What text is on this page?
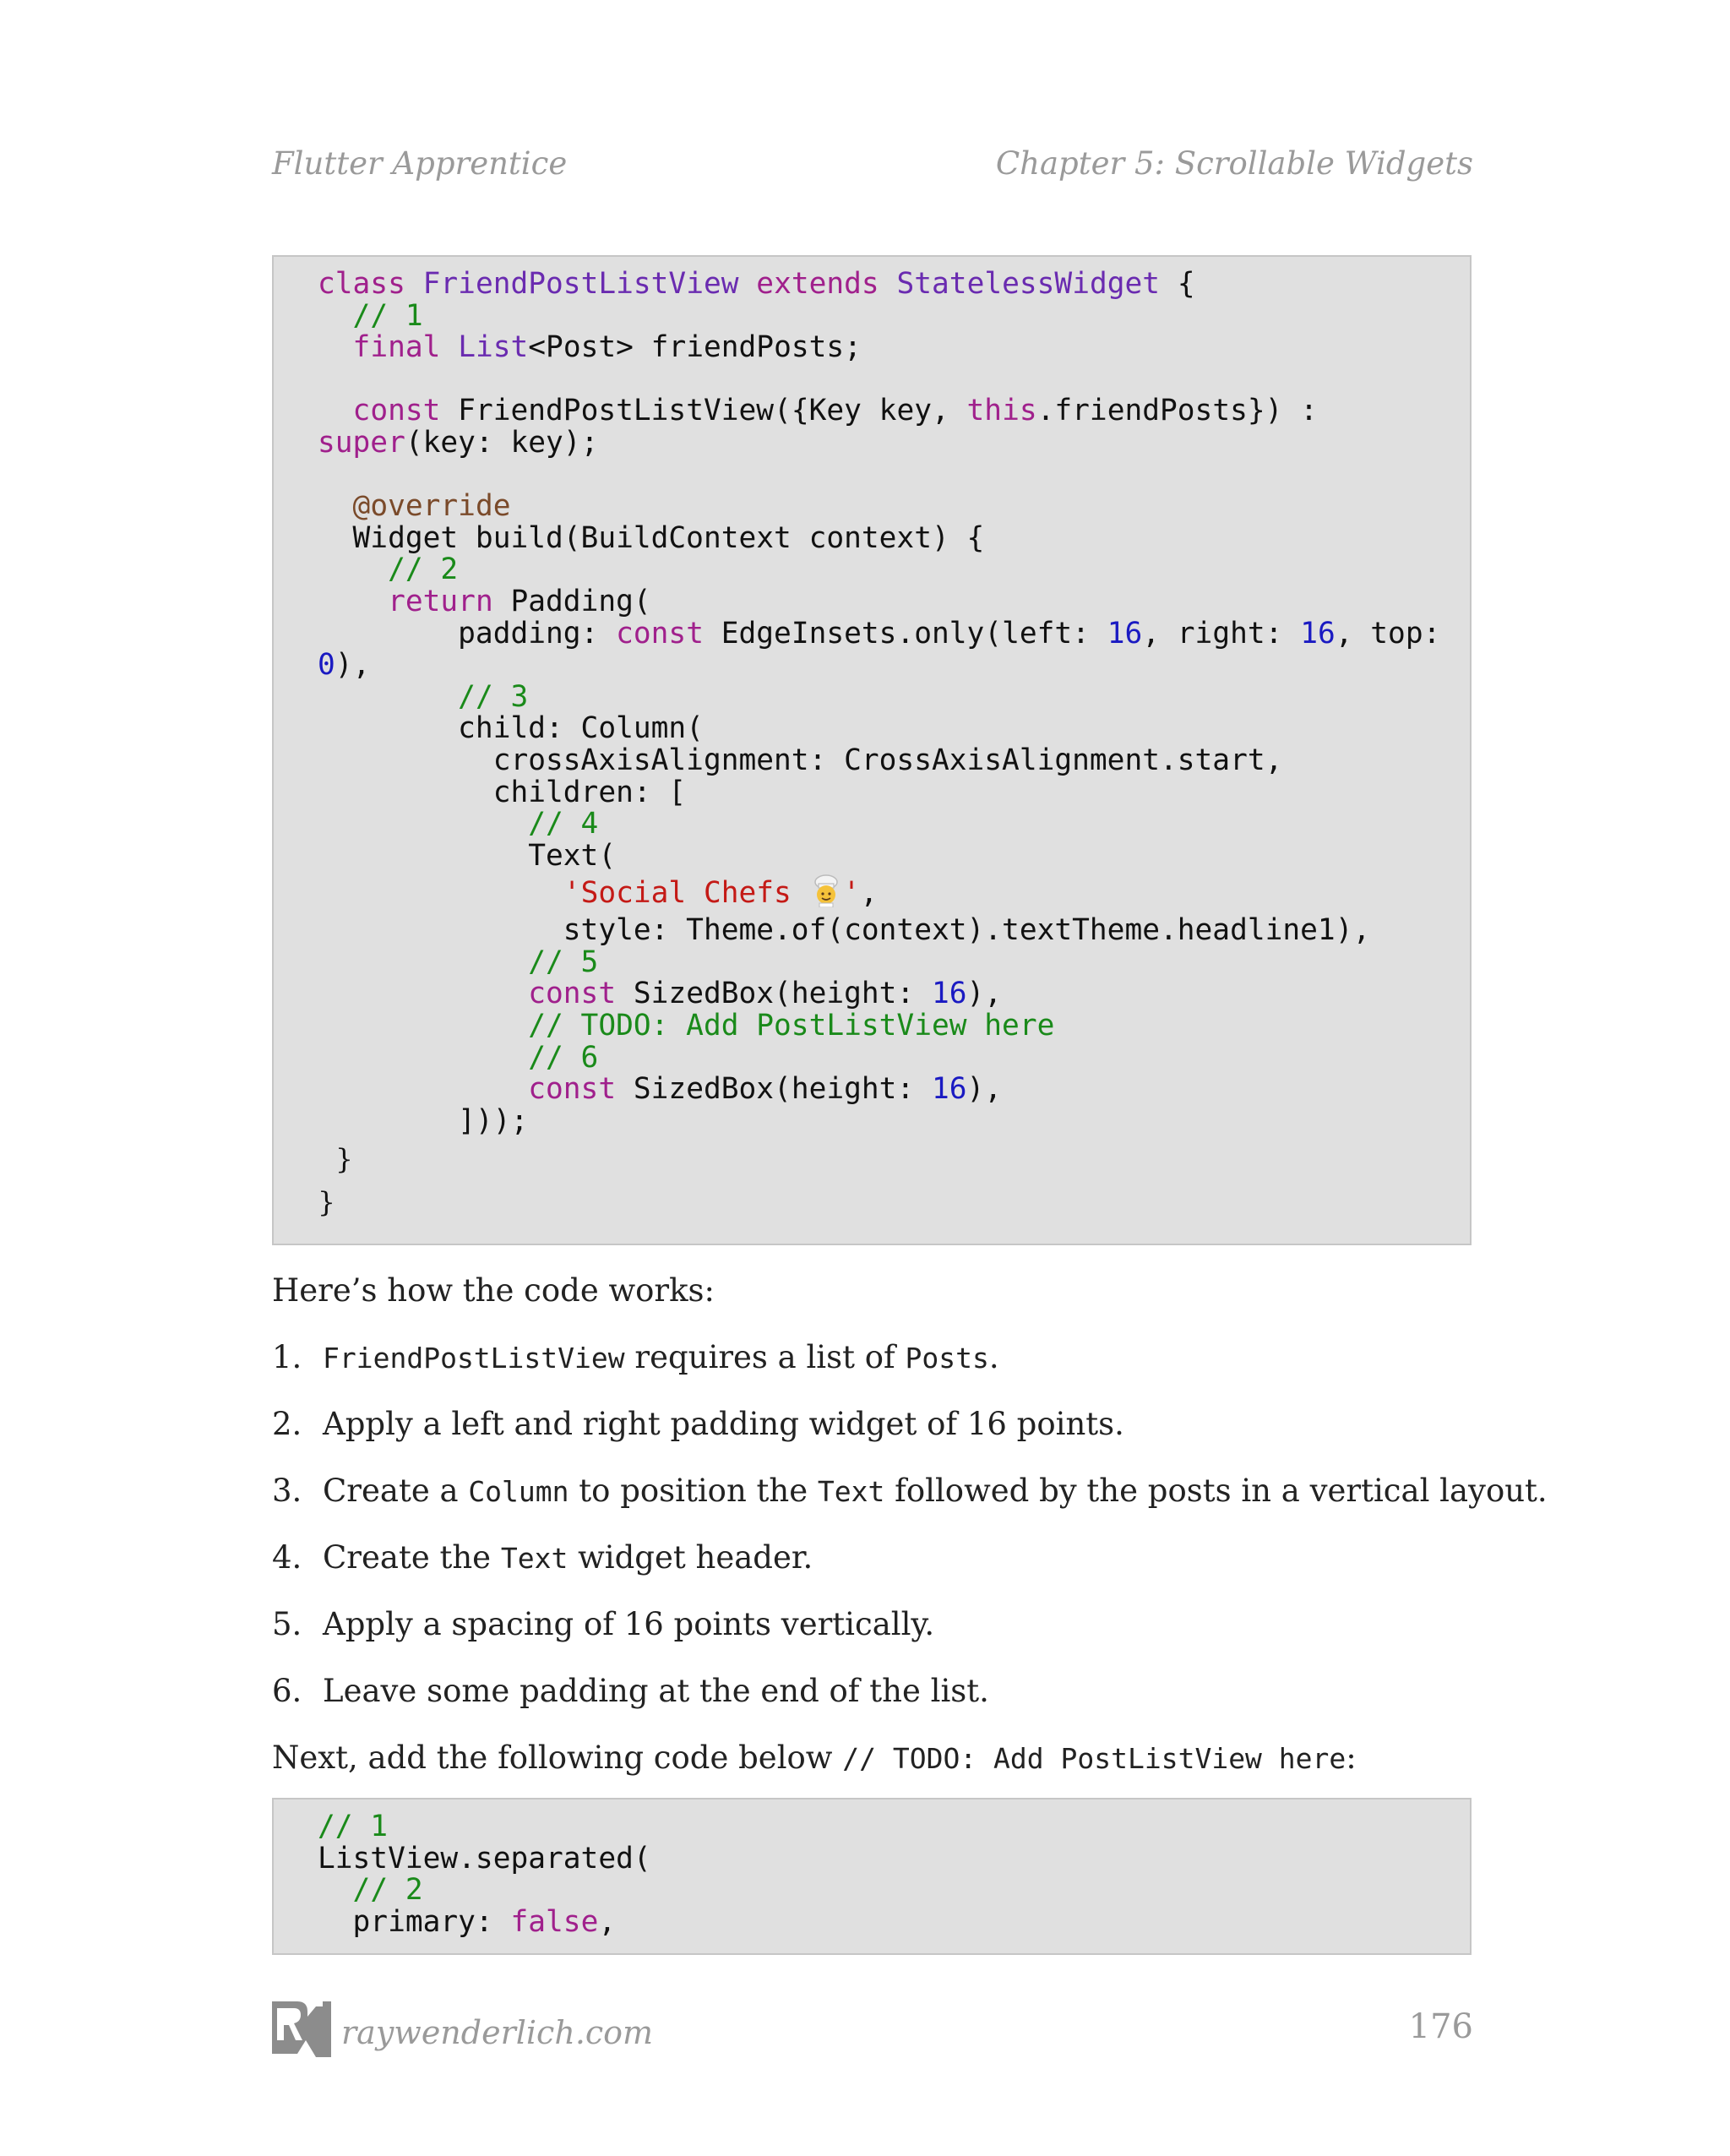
Flutter Apprentice	Chapter 5: Scrollable Widgets
class FriendPostListView extends StatelessWidget {
// 1
final List<Post> friendPosts;
const FriendPostListView({Key key, this.friendPosts}) :
super(key: key);
@override
Widget build(BuildContext context) {
// 2
return Padding(
padding: const EdgeInsets.only(left: 16, right: 16, top:
0),
// 3
child: Column(
crossAxisAlignment: CrossAxisAlignment.start,
children: [
// 4
Text(
'Social Chefs ',
style: Theme.of(context).textTheme.headline1),
// 5
const SizedBox(height: 16),
// TODO: Add PostListView here
// 6
const SizedBox(height: 16),
]));
}
}
Here’s how the code works:
1. FriendPostListView requires a list of Posts.
2. Apply a left and right padding widget of 16 points.
3. Create a Column to position the Text followed by the posts in a vertical layout.
4. Create the Text widget header.
5. Apply a spacing of 16 points vertically.
6. Leave some padding at the end of the list.
Next, add the following code below // TODO: Add PostListView here:
// 1
ListView.separated(
// 2
primary: false,
raywenderlich.com	176
